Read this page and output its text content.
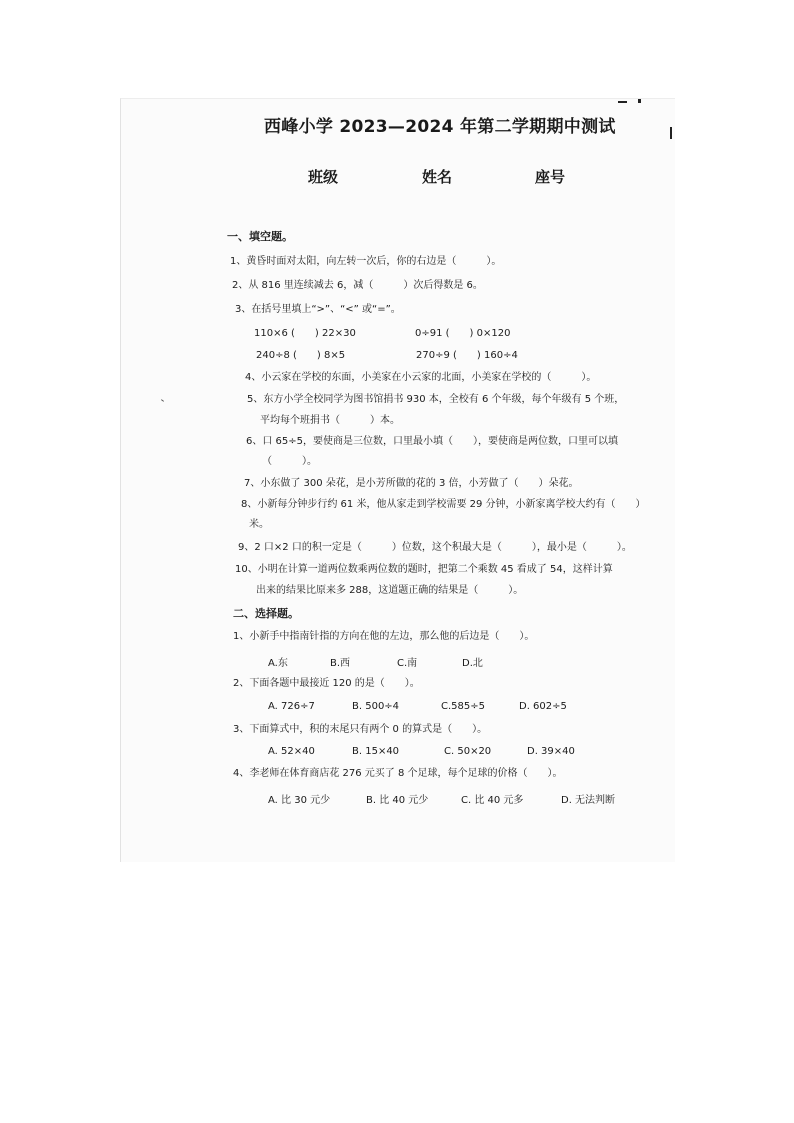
西峰小学 2023—2024 年第二学期期中测试
班级	姓名	座号
一、填空题。
1、黄昏时面对太阳，向左转一次后，你的右边是（　　　）。
2、从 816 里连续减去 6，减（　　　）次后得数是 6。
3、在括号里填上“>”、“<” 或“=”。
110×6 (　　) 22×30	0÷91 (　　) 0×120
240÷8 (　　) 8×5	270÷9 (　　) 160÷4
4、小云家在学校的东面，小美家在小云家的北面，小美家在学校的（　　　）。
5、东方小学全校同学为图书馆捐书 930 本，全校有 6 个年级，每个年级有 5 个班，
平均每个班捐书（　　　）本。
6、口 65÷5，要使商是三位数，口里最小填（　　），要使商是两位数，口里可以填
（　　　）。
7、小东做了 300 朵花，是小芳所做的花的 3 倍，小芳做了（　　）朵花。
8、小新每分钟步行约 61 米，他从家走到学校需要 29 分钟，小新家离学校大约有（　　）
米。
9、2 口×2 口的积一定是（　　　）位数，这个积最大是（　　　），最小是（　　　）。
10、小明在计算一道两位数乘两位数的题时，把第二个乘数 45 看成了 54，这样计算
出来的结果比原来多 288，这道题正确的结果是（　　　）。
二、选择题。
1、小新手中指南针指的方向在他的左边，那么他的后边是（　　）。
A.东	B.西	C.南	D.北
2、下面各题中最接近 120 的是（　　）。
A. 726÷7	B. 500÷4	C.585÷5	D. 602÷5
3、下面算式中，积的末尾只有两个 0 的算式是（　　）。
A. 52×40	B. 15×40	C. 50×20	D. 39×40
4、李老师在体育商店花 276 元买了 8 个足球，每个足球的价格（　　）。
A. 比 30 元少	B. 比 40 元少	C. 比 40 元多	D. 无法判断
